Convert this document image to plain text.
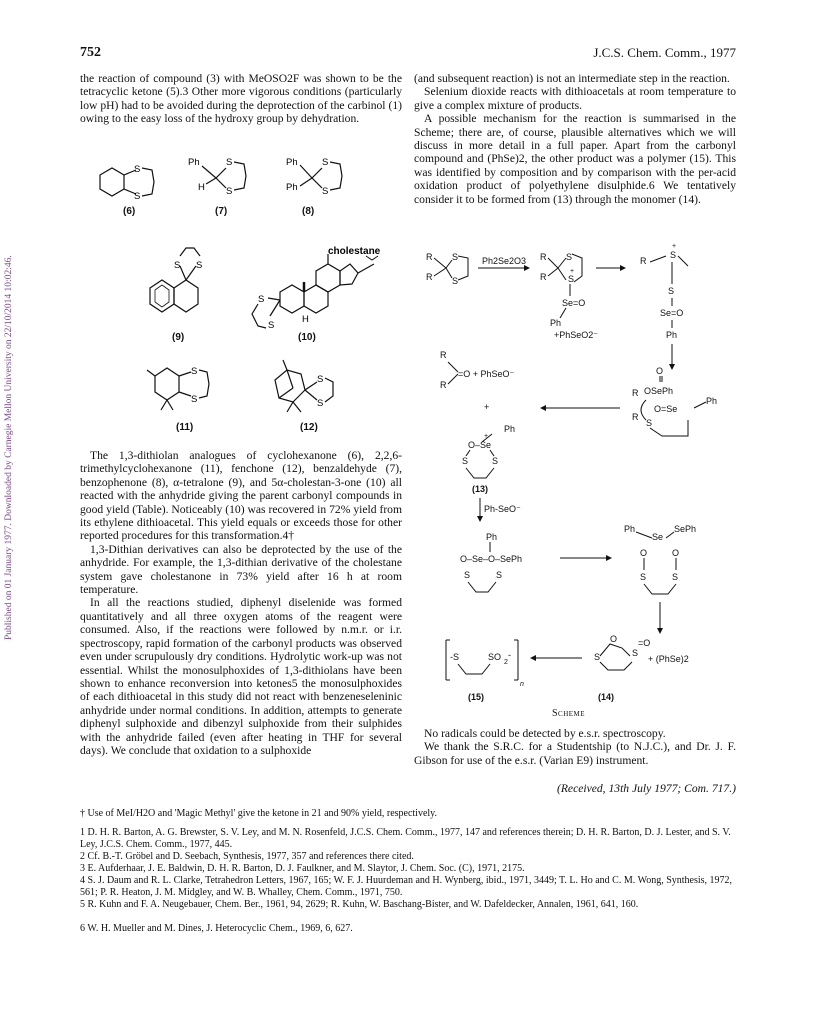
Published on 01 January 1977. Downloaded by Carnegie Mellon University on 22/10/2014 10:02:46.
752	J.C.S. Chem. Comm., 1977

the reaction of compound (3) with MeOSO2F was shown to be the tetracyclic ketone (5).3 Other more vigorous conditions (particularly low pH) had to be avoided during the deprotection of the carbinol (1) owing to the easy loss of the hydroxy group by dehydration.

S
S
Ph
H
S
S
Ph
Ph
S
S
(6)	(7)	(8)
S S
cholestane
H
S
S
(9)	(10)
S
S
S
S
(11)	(12)

The 1,3-dithiolan analogues of cyclohexanone (6), 2,2,6-trimethylcyclohexanone (11), fenchone (12), benzaldehyde (7), benzophenone (8), α-tetralone (9), and 5α-cholestan-3-one (10) all reacted with the anhydride giving the parent carbonyl compounds in good yield (Table). Noticeably (10) was recovered in 72% yield from its ethylene dithioacetal. This yield equals or exceeds those for other reported procedures for this transformation.4†

1,3-Dithian derivatives can also be deprotected by the use of the anhydride. For example, the 1,3-dithian derivative of the cholestane system gave cholestanone in 73% yield after 16 h at room temperature.

In all the reactions studied, diphenyl diselenide was formed quantitatively and all three oxygen atoms of the reagent were consumed. Also, if the reactions were followed by n.m.r. or i.r. spectroscopy, rapid formation of the carbonyl products was observed even under scrupulously dry conditions. Hydrolytic work-up was not essential. Whilst the monosulphoxides of 1,3-dithiolans have been shown to enhance reconversion into ketones5 the monosulphoxides of each dithioacetal in this study did not react with benzeneseleninic anhydride under normal conditions. In addition, attempts to generate diphenyl sulphoxide and dibenzyl sulphoxide from their sulphides with the anhydride failed (even after heating in THF for several days). We conclude that oxidation to a sulphoxide

(and subsequent reaction) is not an intermediate step in the reaction.

Selenium dioxide reacts with dithioacetals at room temperature to give a complex mixture of products.

A possible mechanism for the reaction is summarised in the Scheme; there are, of course, plausible alternatives which we will discuss in more detail in a full paper. Apart from the carbonyl compound and (PhSe)2, the other product was a polymer (15). This was identified by composition and by comparison with the per-acid oxidation product of polyethylene disulphide.6 We tentatively consider it to be formed from (13) through the monomer (14).

R
R
S
S
Ph2Se2O3 R
R
S
S
+
Se=O
Ph
+PhSeO2⁻
R
S
+
S
Se=O
Ph
R
R
=O + PhSeO⁻
R
R
O
OSePh
O=Se
Ph
S
+
Ph
O–Se
+
S	S
(13)
Ph-SeO⁻
Ph
O–Se–O–SePh
S	S
Ph
Se
SePh
O	O
S	S
S
O
S
=O
+ (PhSe)2
-S	SO
2
-
n
(15)	(14)
Scheme

No radicals could be detected by e.s.r. spectroscopy.

We thank the S.R.C. for a Studentship (to N.J.C.), and Dr. J. F. Gibson for use of the e.s.r. (Varian E9) instrument.

(Received, 13th July 1977; Com. 717.)
† Use of MeI/H2O and 'Magic Methyl' give the ketone in 21 and 90% yield, respectively.
1 D. H. R. Barton, A. G. Brewster, S. V. Ley, and M. N. Rosenfeld, J.C.S. Chem. Comm., 1977, 147 and references therein; D. H. R. Barton, D. J. Lester, and S. V. Ley, J.C.S. Chem. Comm., 1977, 445.
2 Cf. B.-T. Gröbel and D. Seebach, Synthesis, 1977, 357 and references there cited.
3 E. Aufderhaar, J. E. Baldwin, D. H. R. Barton, D. J. Faulkner, and M. Slaytor, J. Chem. Soc. (C), 1971, 2175.
4 S. J. Daum and R. L. Clarke, Tetrahedron Letters, 1967, 165; W. F. J. Huurdeman and H. Wynberg, ibid., 1971, 3449; T. L. Ho and C. M. Wong, Synthesis, 1972, 561; P. R. Heaton, J. M. Midgley, and W. B. Whalley, Chem. Comm., 1971, 750.
5 R. Kuhn and F. A. Neugebauer, Chem. Ber., 1961, 94, 2629; R. Kuhn, W. Baschang-Bister, and W. Dafeldecker, Annalen, 1961, 641, 160.
6 W. H. Mueller and M. Dines, J. Heterocyclic Chem., 1969, 6, 627.
